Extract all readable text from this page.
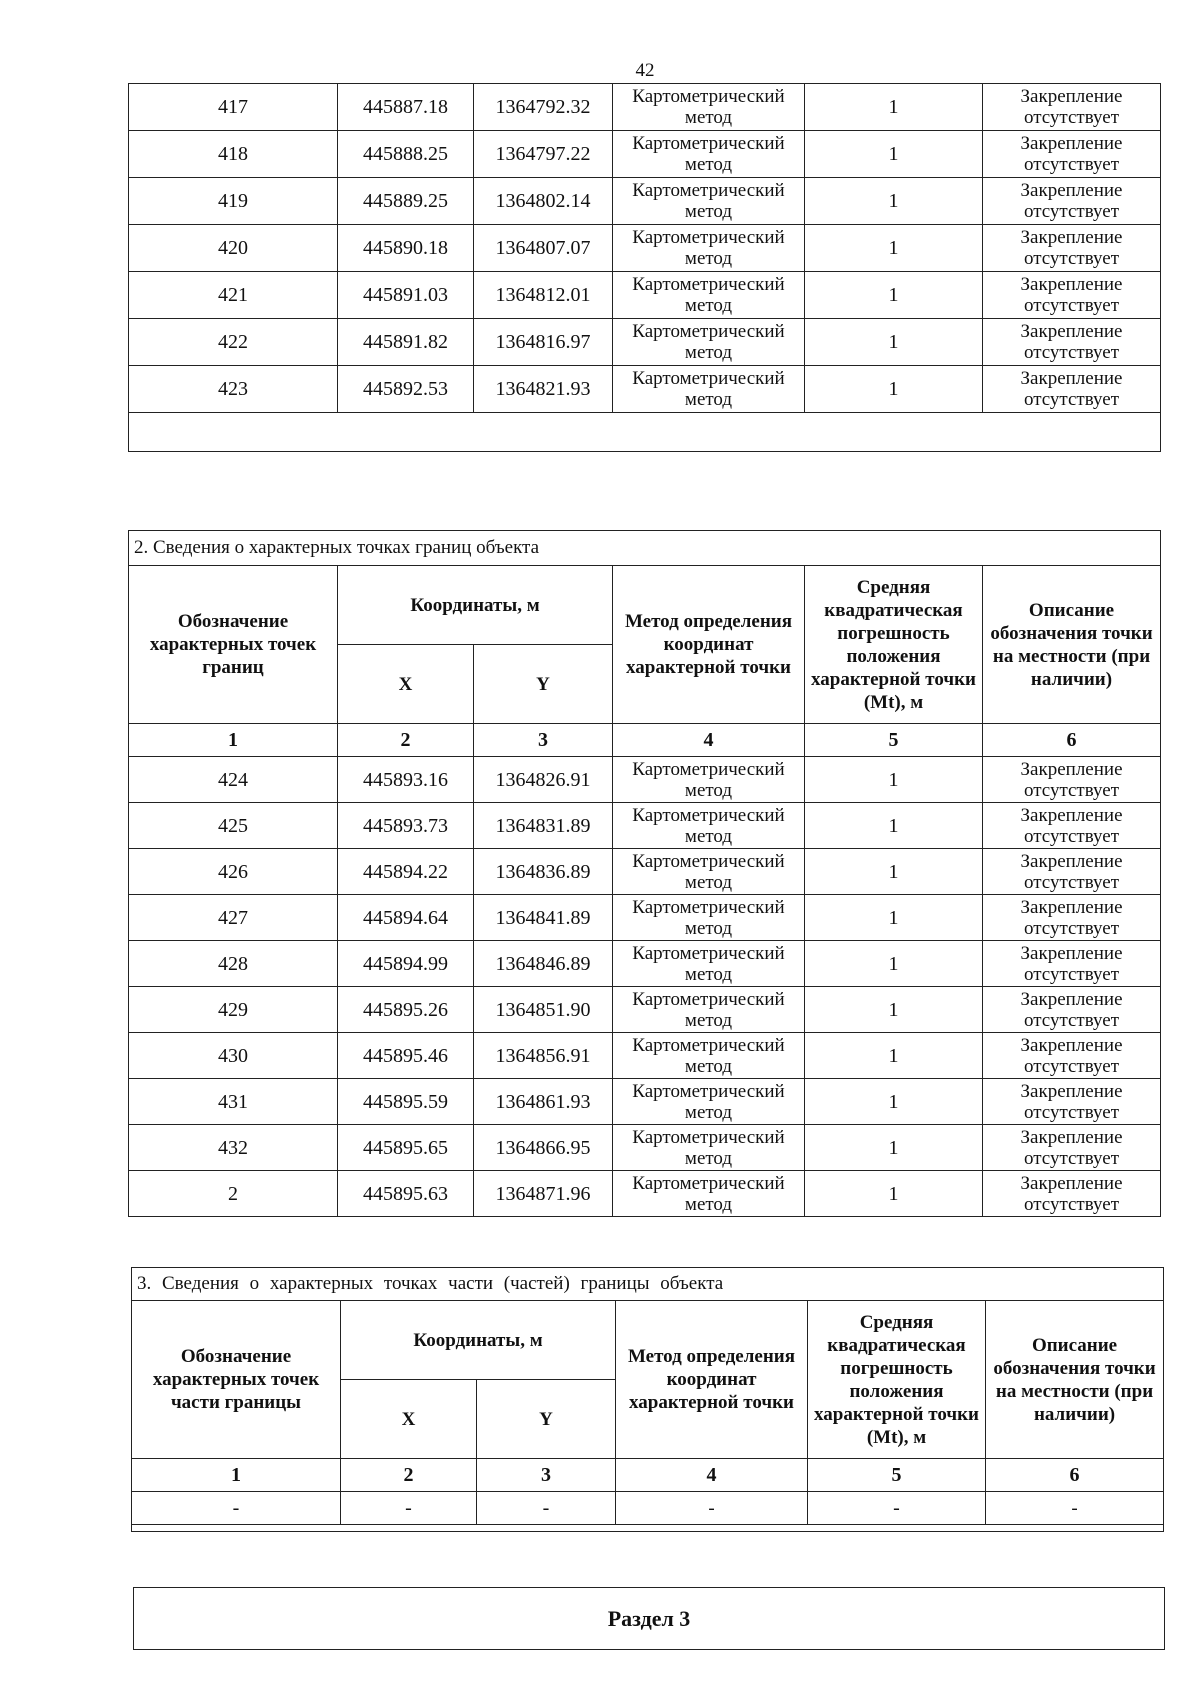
42
417	445887.18	1364792.32	Картометрический метод	1	Закрепление отсутствует
418	445888.25	1364797.22	Картометрический метод	1	Закрепление отсутствует
419	445889.25	1364802.14	Картометрический метод	1	Закрепление отсутствует
420	445890.18	1364807.07	Картометрический метод	1	Закрепление отсутствует
421	445891.03	1364812.01	Картометрический метод	1	Закрепление отсутствует
422	445891.82	1364816.97	Картометрический метод	1	Закрепление отсутствует
423	445892.53	1364821.93	Картометрический метод	1	Закрепление отсутствует

2. Сведения о характерных точках границ объекта					
Обозначение характерных точек границ	Координаты, м		Метод определения координат характерной точки	Средняя квадратическая погрешность положения характерной точки (Mt), м	Описание обозначения точки на местности (при наличии)
	X	Y			
1	2	3	4	5	6
424	445893.16	1364826.91	Картометрический метод	1	Закрепление отсутствует
425	445893.73	1364831.89	Картометрический метод	1	Закрепление отсутствует
426	445894.22	1364836.89	Картометрический метод	1	Закрепление отсутствует
427	445894.64	1364841.89	Картометрический метод	1	Закрепление отсутствует
428	445894.99	1364846.89	Картометрический метод	1	Закрепление отсутствует
429	445895.26	1364851.90	Картометрический метод	1	Закрепление отсутствует
430	445895.46	1364856.91	Картометрический метод	1	Закрепление отсутствует
431	445895.59	1364861.93	Картометрический метод	1	Закрепление отсутствует
432	445895.65	1364866.95	Картометрический метод	1	Закрепление отсутствует
2	445895.63	1364871.96	Картометрический метод	1	Закрепление отсутствует
3. Сведения о характерных точках части (частей) границы объекта					
Обозначение характерных точек части границы	Координаты, м		Метод определения координат характерной точки	Средняя квадратическая погрешность положения характерной точки (Mt), м	Описание обозначения точки на местности (при наличии)
	X	Y			
1	2	3	4	5	6
-	-	-	-	-	-

Раздел 3
